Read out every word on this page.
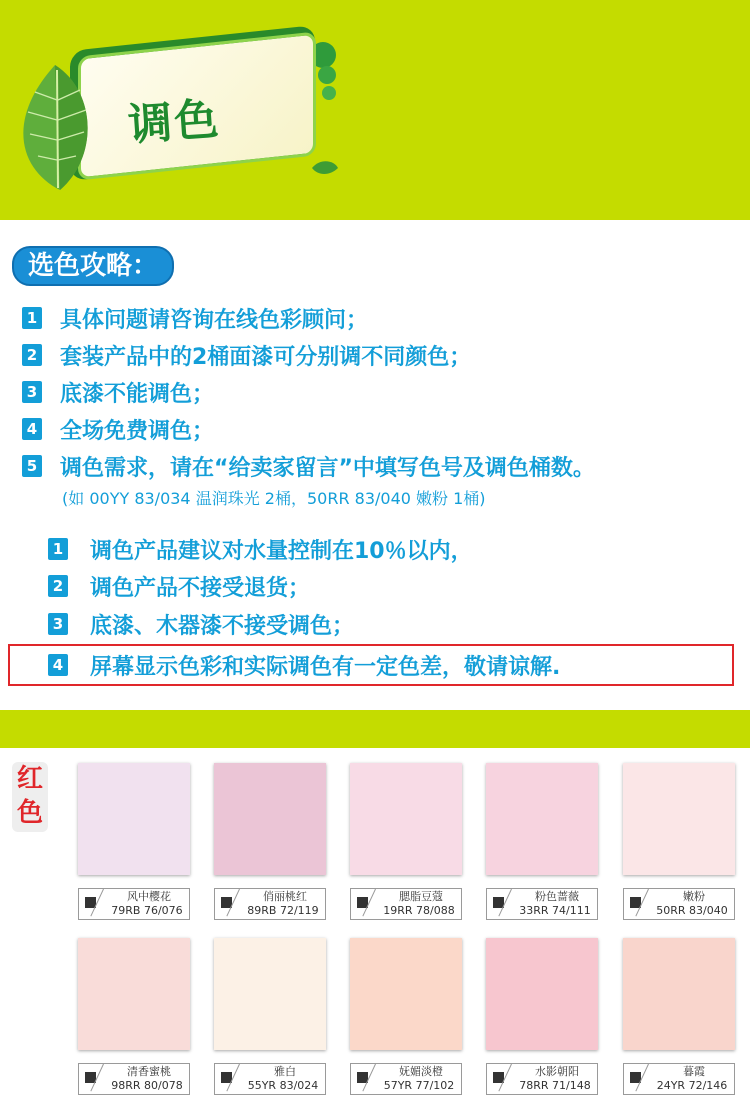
调色
选色攻略：
1 具体问题请咨询在线色彩顾问；
2 套装产品中的2桶面漆可分别调不同颜色；
3 底漆不能调色；
4 全场免费调色；
5 调色需求，请在“给卖家留言”中填写色号及调色桶数。
(如 00YY 83/034 温润珠光 2桶，50RR 83/040 嫩粉 1桶)
1 调色产品建议对水量控制在10％以内，
2 调色产品不接受退货；
3 底漆、木器漆不接受调色；
4 屏幕显示色彩和实际调色有一定色差，敬请谅解.
红色
风中樱花
79RB 76/076
俏丽桃红
89RB 72/119
腮脂豆蔻
19RR 78/088
粉色蔷薇
33RR 74/111
嫩粉
50RR 83/040
清香蜜桃
98RR 80/078
雅白
55YR 83/024
妩媚淡橙
57YR 77/102
水影朝阳
78RR 71/148
暮霞
24YR 72/146
